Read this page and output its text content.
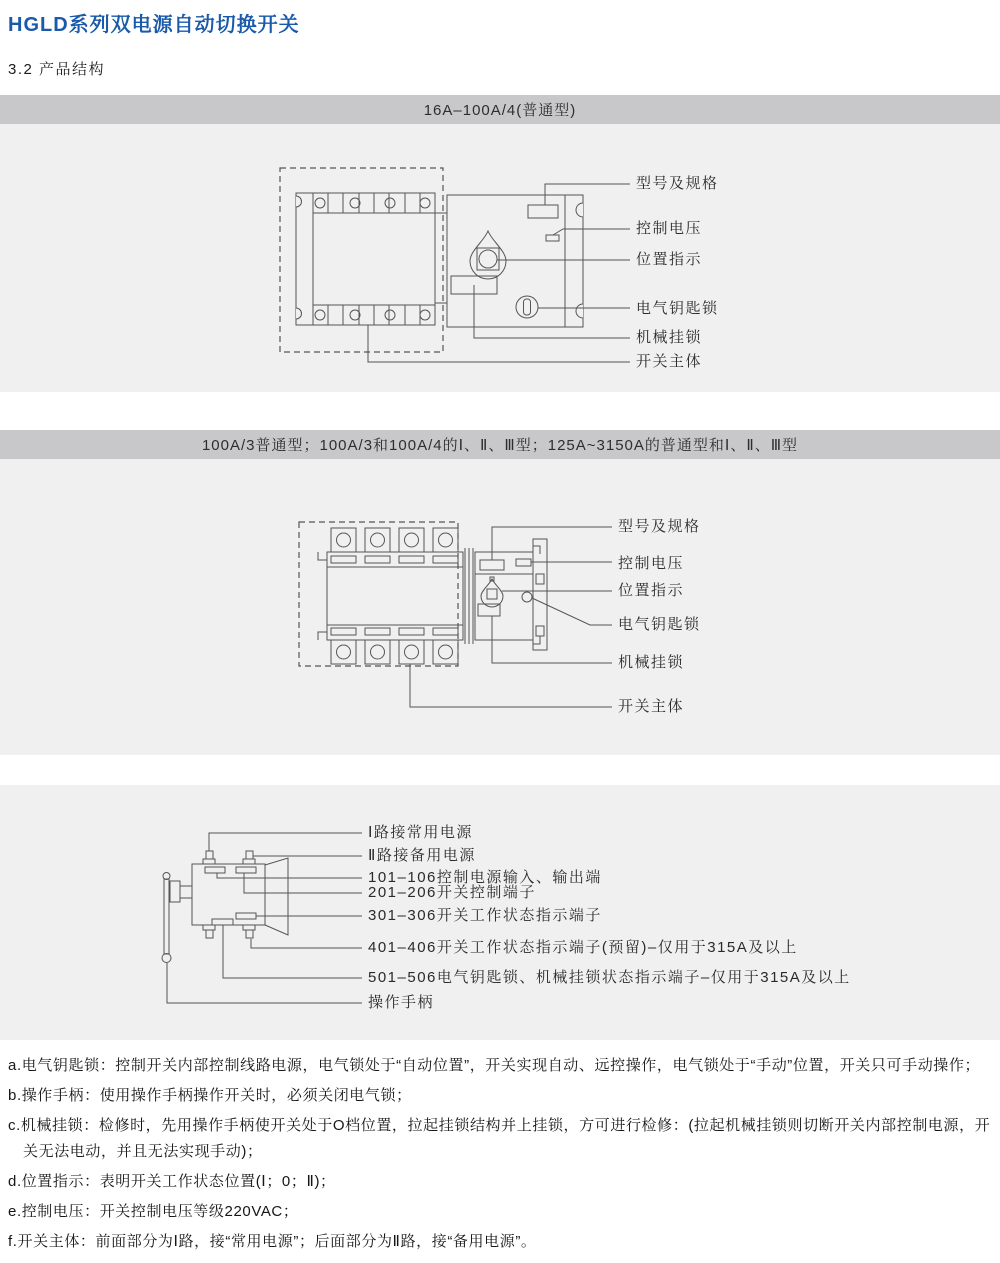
HGLD系列双电源自动切换开关
3.2 产品结构
16A–100A/4(普通型)
型号及规格
控制电压
位置指示
电气钥匙锁
机械挂锁
开关主体
100A/3普通型；100A/3和100A/4的Ⅰ、Ⅱ、Ⅲ型；125A~3150A的普通型和Ⅰ、Ⅱ、Ⅲ型
型号及规格
控制电压
位置指示
电气钥匙锁
机械挂锁
开关主体
Ⅰ路接常用电源
Ⅱ路接备用电源
101–106控制电源输入、输出端
201–206开关控制端子
301–306开关工作状态指示端子
401–406开关工作状态指示端子(预留)–仅用于315A及以上
501–506电气钥匙锁、机械挂锁状态指示端子–仅用于315A及以上
操作手柄

a.电气钥匙锁：控制开关内部控制线路电源，电气锁处于“自动位置”，开关实现自动、远控操作，电气锁处于“手动”位置，开关只可手动操作；

b.操作手柄：使用操作手柄操作开关时，必须关闭电气锁；

c.机械挂锁：检修时，先用操作手柄使开关处于O档位置，拉起挂锁结构并上挂锁，方可进行检修：(拉起机械挂锁则切断开关内部控制电源，开关无法电动，并且无法实现手动)；

d.位置指示：表明开关工作状态位置(Ⅰ；0；Ⅱ)；

e.控制电压：开关控制电压等级220VAC；

f.开关主体：前面部分为Ⅰ路，接“常用电源”；后面部分为Ⅱ路，接“备用电源”。
